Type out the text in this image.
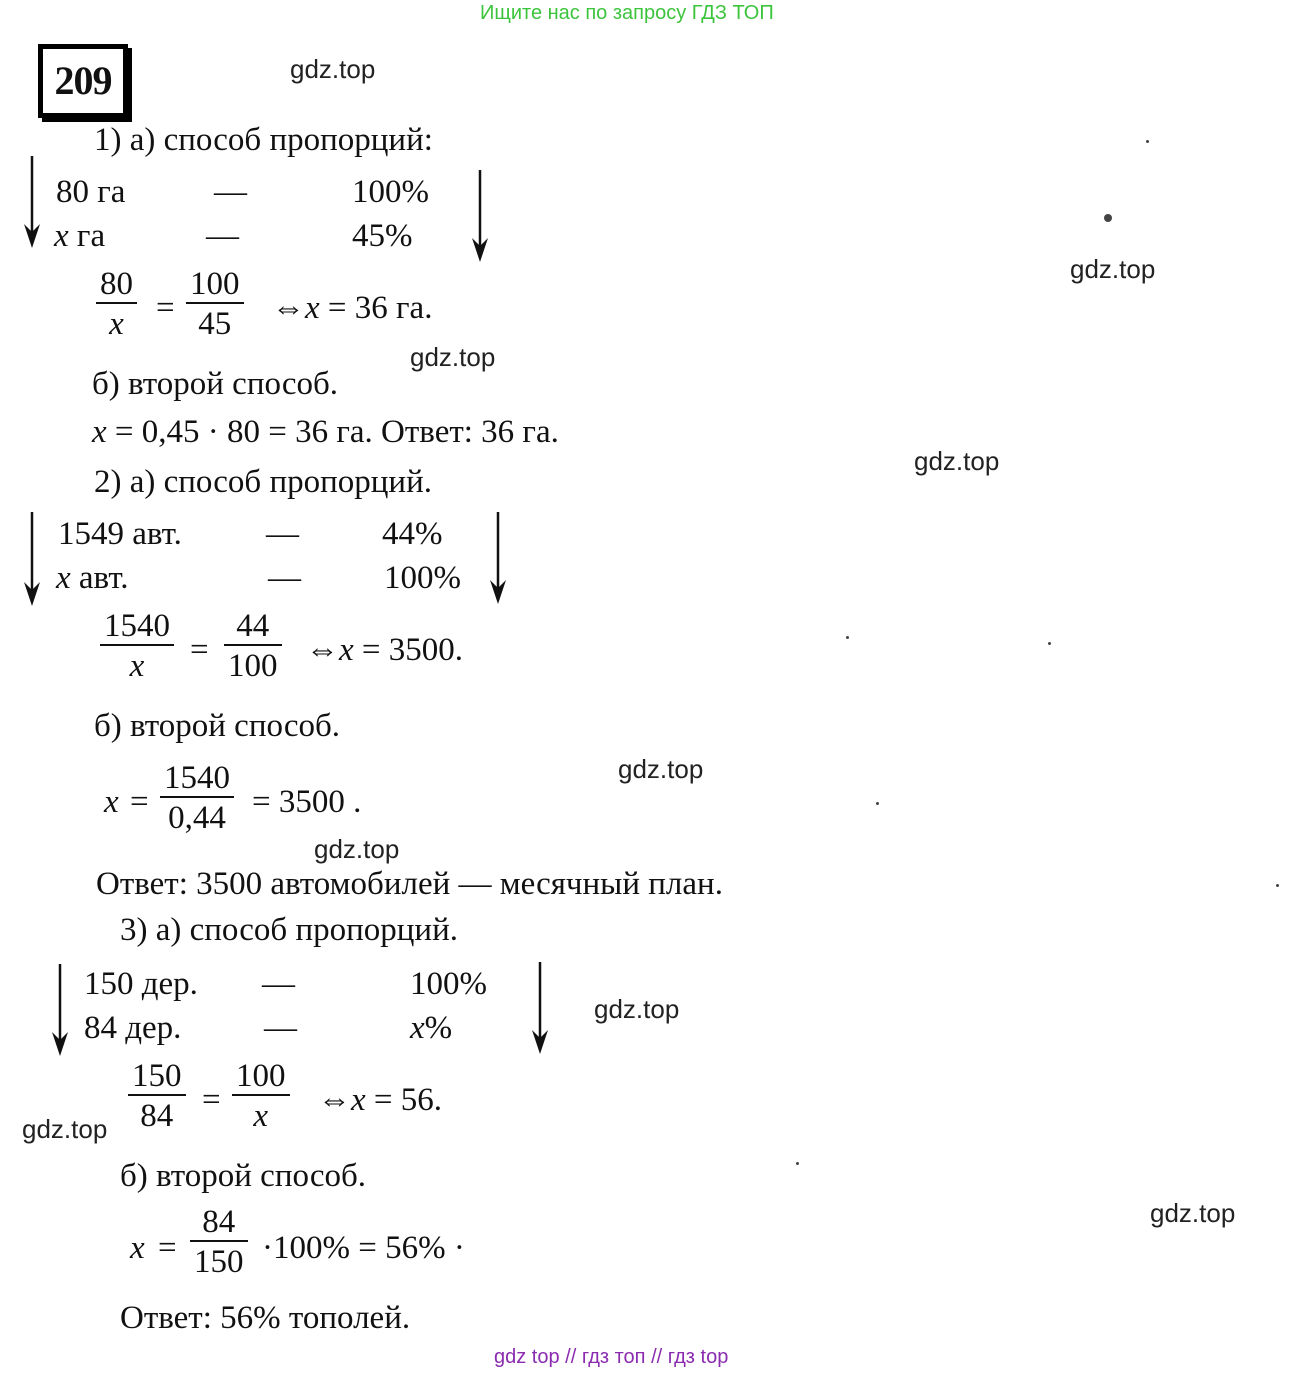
Ищите нас по запросу ГДЗ ТОП
gdz top // гдз топ // гдз top
gdz.top
gdz.top
gdz.top
gdz.top
gdz.top
gdz.top
gdz.top
gdz.top
gdz.top
209
1) а) способ пропорций:
80 га	—	100%
x га	—	45%
$\frac{80}{x} = \frac{100}{45}$ ⇔x = 36 га.
б) второй способ.
x = 0,45 · 80 = 36 га. Ответ: 36 га.
2) а) способ пропорций.
1549 авт.	—	44%
x авт.	—	100%
$\frac{1540}{x} = \frac{44}{100}$ ⇔x = 3500.
б) второй способ.
$x = \frac{1540}{0,44} = 3500$ .
Ответ: 3500 автомобилей — месячный план.
3) а) способ пропорций.
150 дер. —	100%
84 дер.	—	x%
$\frac{150}{84} = \frac{100}{x}$ ⇔x = 56.
б) второй способ.
$x = \frac{84}{150} \cdot 100\% = 56\%$ ·
Ответ: 56% тополей.
